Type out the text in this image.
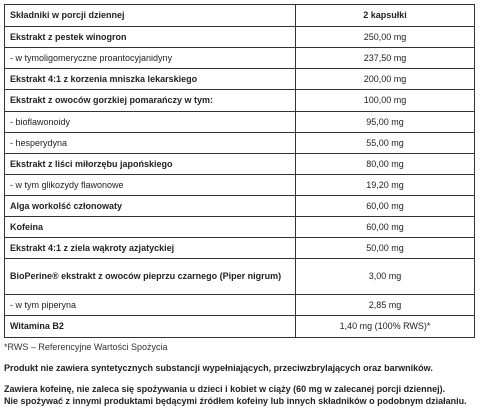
Składniki w porcji dziennej	2 kapsułki
Ekstrakt z pestek winogron	250,00 mg
- w tymoligomeryczne proantocyjanidyny	237,50 mg
Ekstrakt 4:1 z korzenia mniszka lekarskiego	200,00 mg
Ekstrakt z owoców gorzkiej pomarańczy w tym:	100,00 mg
- bioflawonoidy	95,00 mg
- hesperydyna	55,00 mg
Ekstrakt z liści miłorzębu japońskiego	80,00 mg
- w tym glikozydy flawonowe	19,20 mg
Alga workolść członowaty	60,00 mg
Kofeina	60,00 mg
Ekstrakt 4:1 z ziela wąkroty azjatyckiej	50,00 mg
BioPerine® ekstrakt z owoców pieprzu czarnego (Piper nigrum)	3,00 mg
- w tym piperyna	2,85 mg
Witamina B2	1,40 mg (100% RWS)*
*RWS – Referencyjne Wartości Spożycia
Produkt nie zawiera syntetycznych substancji wypełniających, przeciwzbrylających oraz barwników.
Zawiera kofeinę, nie zaleca się spożywania u dzieci i kobiet w ciąży (60 mg w zalecanej porcji dziennej).
Nie spożywać z innymi produktami będącymi źródłem kofeiny lub innych składników o podobnym działaniu.
